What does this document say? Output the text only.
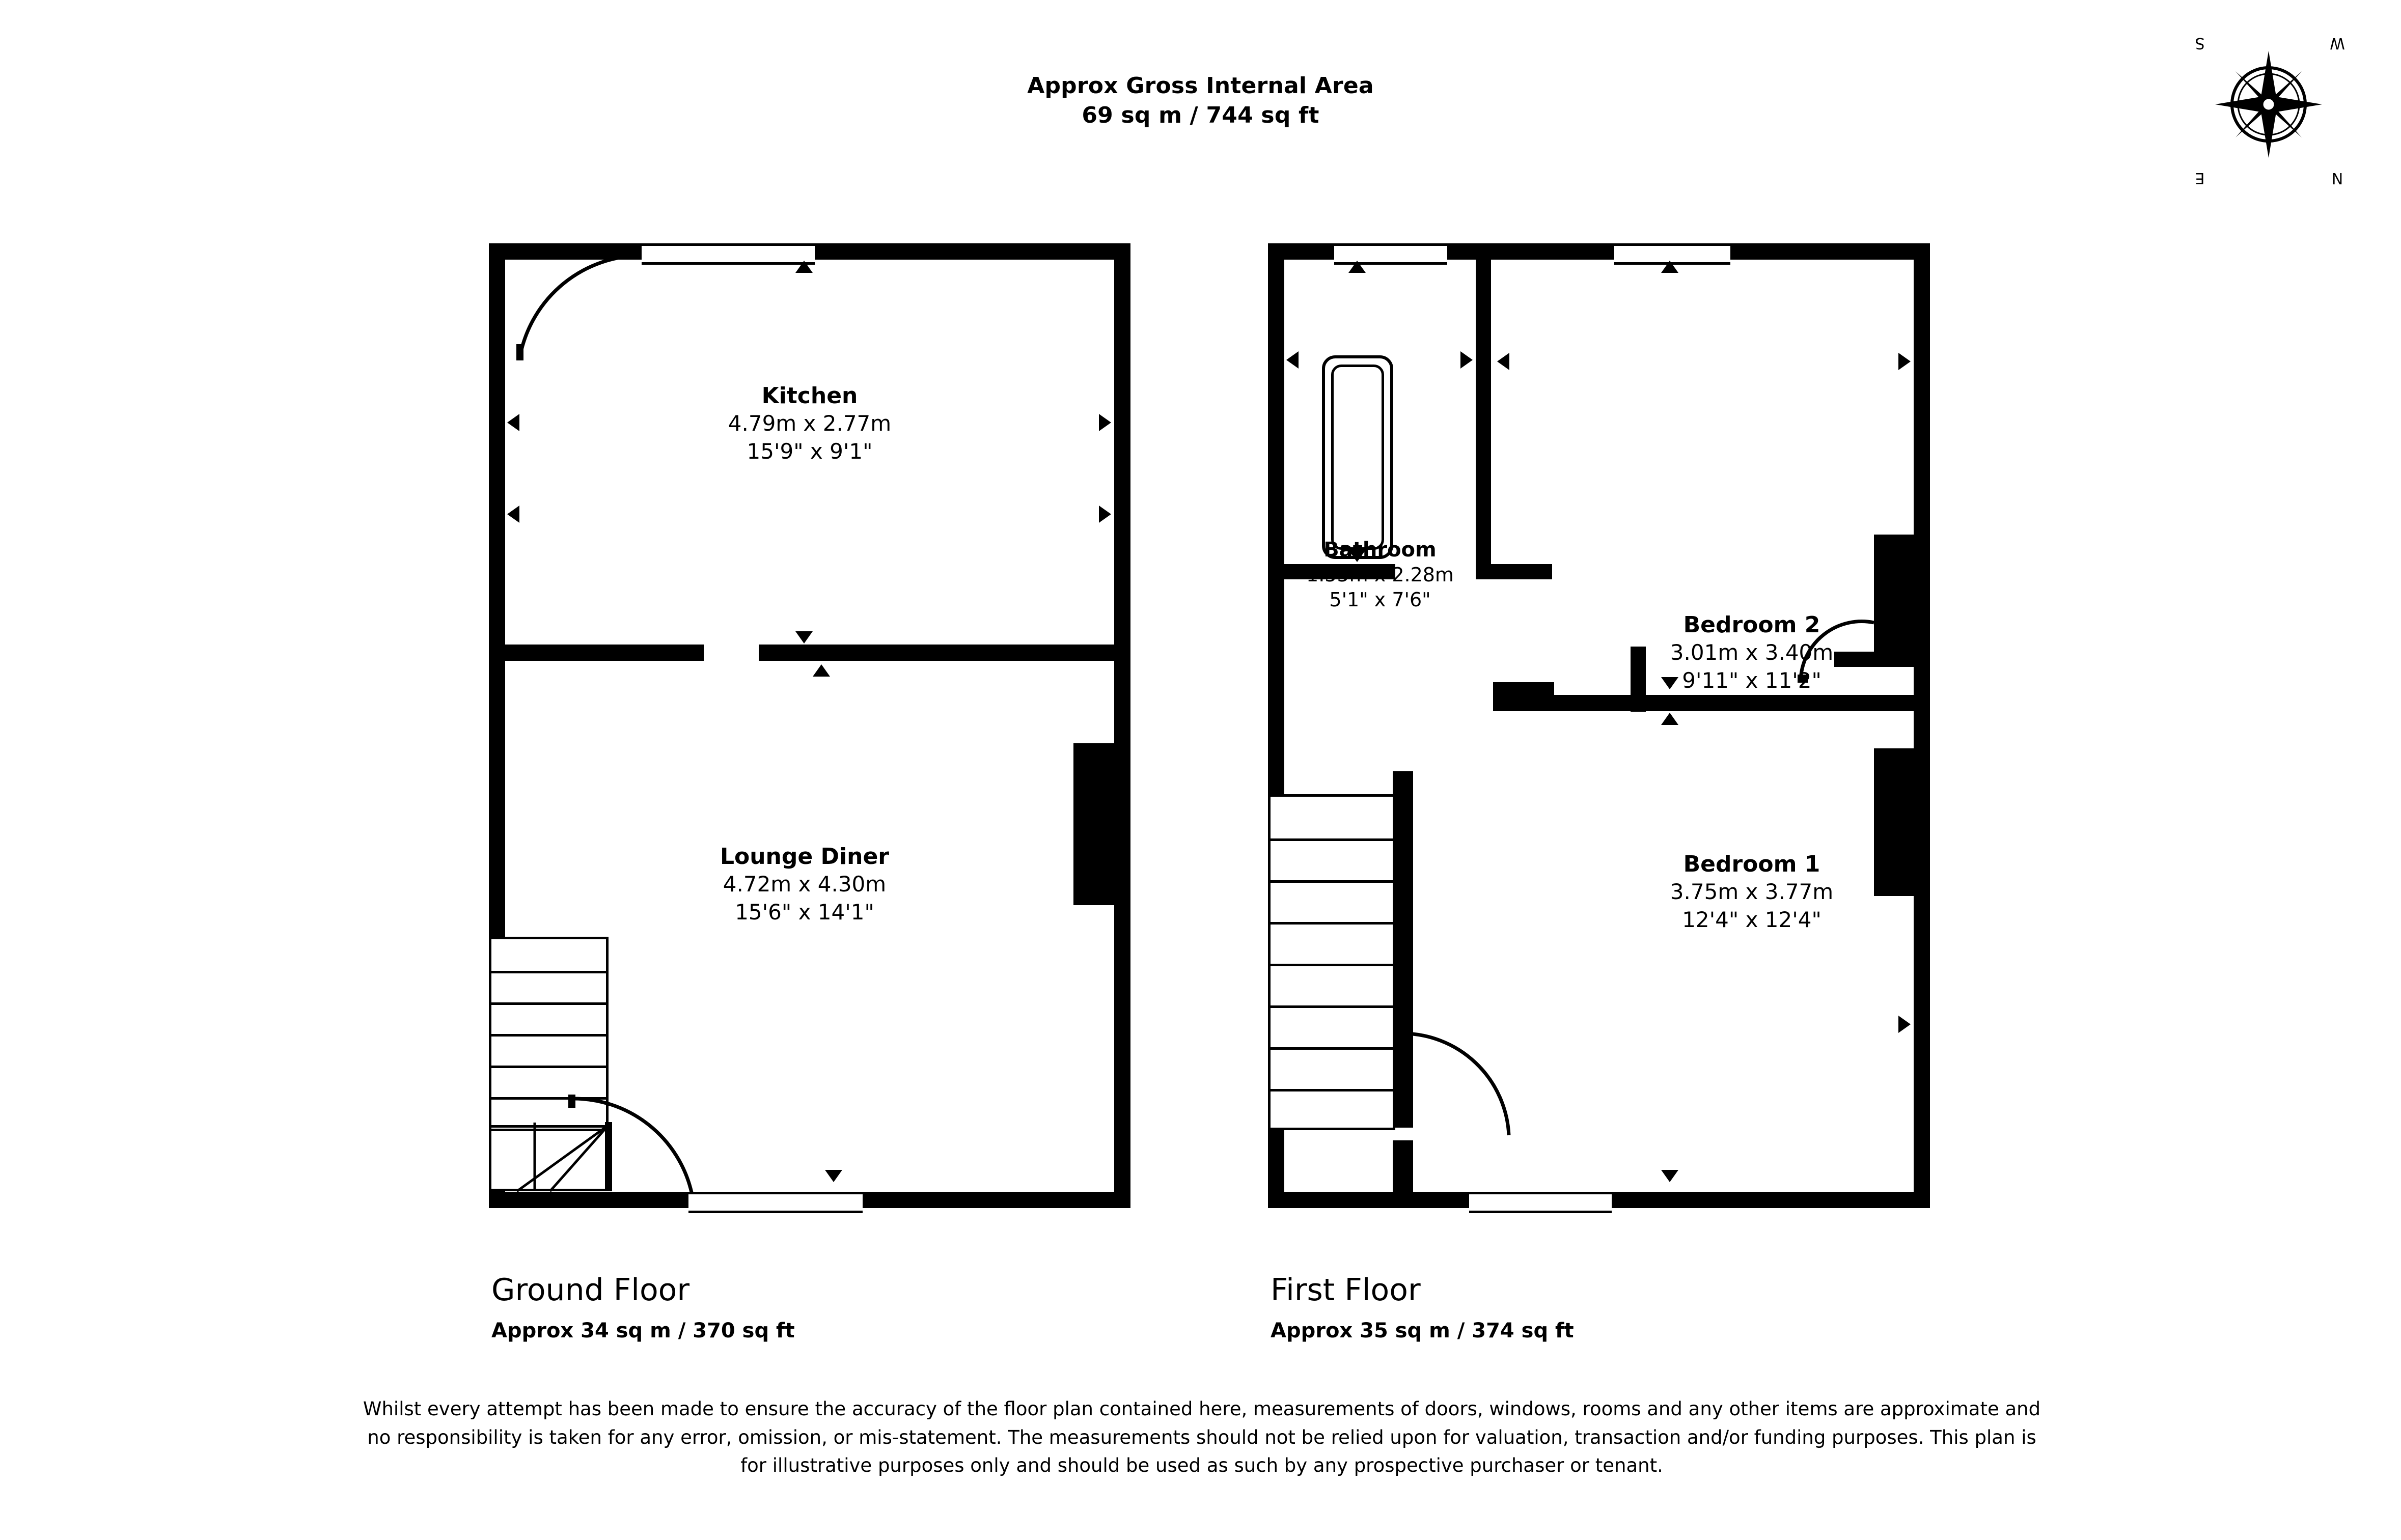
Approx Gross Internal Area
69 sq m / 744 sq ft
W
S
E	N
Kitchen
4.79m x 2.77m
15'9" x 9'1"
Lounge Diner
4.72m x 4.30m
15'6" x 14'1"
Ground Floor
Approx 34 sq m / 370 sq ft
Bathroom
1.55m x 2.28m
5'1" x 7'6"
Bedroom 2
3.01m x 3.40m
9'11" x 11'2"
Bedroom 1
3.75m x 3.77m
12'4" x 12'4"
First Floor
Approx 35 sq m / 374 sq ft
Whilst every attempt has been made to ensure the accuracy of the floor plan contained here, measurements of doors, windows, rooms and any other items are approximate and no responsibility is taken for any error, omission, or mis-statement. The measurements should not be relied upon for valuation, transaction and/or funding purposes. This plan is for illustrative purposes only and should be used as such by any prospective purchaser or tenant.
